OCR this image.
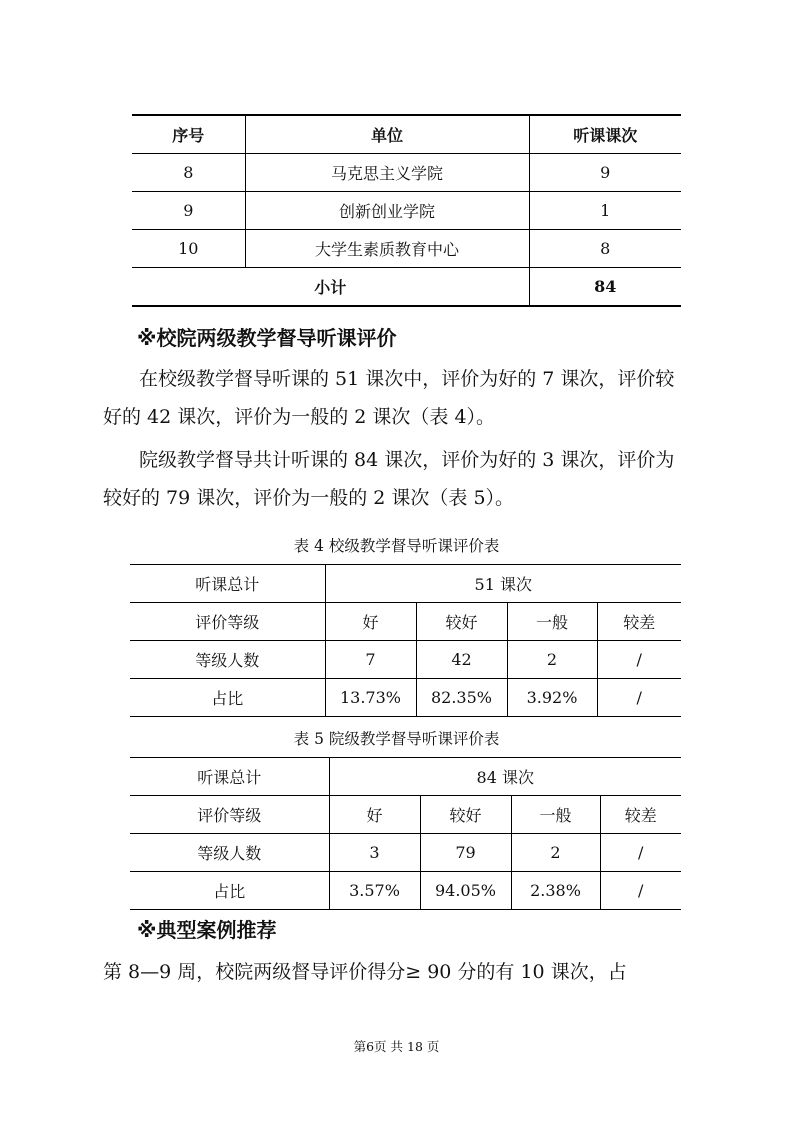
序号	单位	听课课次
8	马克思主义学院	9
9	创新创业学院	1
10	大学生素质教育中心	8
小计		84
※校院两级教学督导听课评价
在校级教学督导听课的 51 课次中，评价为好的 7 课次，评价较
好的 42 课次，评价为一般的 2 课次（表 4）。
院级教学督导共计听课的 84 课次，评价为好的 3 课次，评价为
较好的 79 课次，评价为一般的 2 课次（表 5）。
表 4 校级教学督导听课评价表
听课总计	51 课次			
评价等级	好	较好	一般	较差
等级人数	7	42	2	/
占比	13.73%	82.35%	3.92%	/
表 5 院级教学督导听课评价表
听课总计	84 课次			
评价等级	好	较好	一般	较差
等级人数	3	79	2	/
占比	3.57%	94.05%	2.38%	/
※典型案例推荐
第 8—9 周，校院两级督导评价得分≥ 90 分的有 10 课次，占
第6页 共 18 页
